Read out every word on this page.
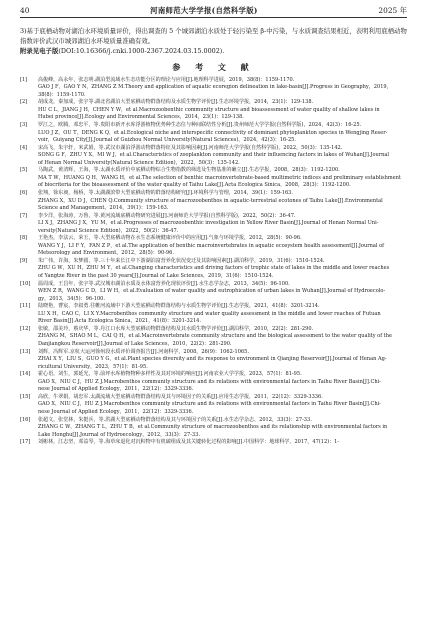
40	河南师范大学学报(自然科学版)	2025 年

3)基于底栖动物对湖泊水环境质量评价，得出调查的 5 个城郊湖泊水质处于轻污染至 β-中污染，与水质调查结果相近，表明利用底栖动物指数评价武汉市城郊湖泊水环境质量准确有效。

附录见电子版(DOI:10.16366/j.cnki.1000-2367.2024.03.15.0002).
参 考 文 献
[1]	高俊峰，高永年，张志明.湖泊型流域水生态功能分区的理论与应用[J].地理科学进展，2019，38(8)：1159-1170.
GAO J F，GAO Y N，ZHANG Z M.Theory and application of aquatic ecoregion delineation in lake-basin[J].Progress in Geography，2019，
38(8)：1159-1170.
[2]	胡成龙，秦加成，张宇等.湖北省湖泊大型底栖动物群落结构及水质生物学评价[J].生态环境学报，2014，23(1)：129-138.
HU C L，JIANG J H，CHEN Y W，et al.Macrozoobenthic community structure and bioassessment of water quality of shallow lakes in
Hubei province[J].Ecology and Environmental Sciences，2014，23(1)：129-138.
[3]	罗江之，欧腾，邓忠平，等.贵阳市新开水库浮游植物优势种生态位与种间联结性分析[J].贵州师范大学学报(自然科学版)，2024，42(3)：16-25.
LUO J Z，OU T，DENG K Q，et al.Ecological niche and interspecific connectivity of dominant phytoplankton species in Wengjing Reser-
voir，Guiyang City[J].Journal of Guizhou Normal University(Natural Sciences)，2024，42(3)：16-25.
[4]	宋高飞，朱宇轩，米武娟，等.武汉市湖泊浮游动物群落特征及其影响因素[J].河南师范大学学报(自然科学版)，2022，50(3)：135-142.
SONG G F，ZHU Y X，MI W J，et al.Characteristics of zooplankton community and their influencing factors in lakes of Wuhan[J].Journal
of Henan Normal University(Natural Science Edition)，2022，50(3)：135-142.
[5]	马陶武，黄清辉，王海，等.太湖水质评价中底栖动物综合生物指数的筛选及生物基准的确立[J].生态学报，2008，28(3)：1192-1200.
MA T W，HUANG Q H，WANG H，et al.The selection of benthic macroinvertebrate-based multimetric indices and preliminary establishment
of biocriteria for the bioassessment of the water quality of Taihu Lake[J].Acta Ecologica Sinica，2008，28(3)：1192-1200.
[6]	张翔，徐东昶，杨桥，等.太湖湖滨带大型底栖动物的群落结构研究[J].环境科学与管理，2014，39(1)：159-163.
ZHANG X，XU D J，CHEN Q.Community structure of macrozoobenthos in aquatic-terrestrial ecotones of Taihu Lake[J].Environmental
Science and Management，2014，39(1)：159-163.
[7]	李少洋，张海涛，万鲁，等.黄河流域底栖动物研究进展[J].河南师范大学学报(自然科学版)，2022，50(2)：36-47.
LI X J，ZHANG J X，YU M，et al.Progresses of macrozoobenthic investigation in Yellow River Basin[J].Journal of Henan Normal Uni-
versity(Natural Science Edition)，2022，50(2)：36-47.
[8]	王艳杰，李法云，荣玉，等.大型底栖动物在水生态系统健康评价中的应用[J].气象与环境学报，2012，28(5)：90-96.
WANG Y J，LI F Y，FAN Z P，et al.The application of benthic macroinvertebrates in aquatic ecosystem health assessment[J].Journal of
Meteorology and Environment，2012，28(5)：90-96.
[9]	朱广伟，许海，朱梦圆，等.三十年来长江中下游湖泊富营养化状况变迁及其影响因素[J].湖泊科学，2019，31(6)：1510-1524.
ZHU G W，XU H，ZHU M Y，et al.Changing characteristics and driving factors of trophic state of lakes in the middle and lower reaches
of Yangtze River in the past 30 years[J].Journal of Lake Sciences，2019，31(6)：1510-1524.
[10]	温周成，王昌年，张宇等.武汉城市湖泊水质及水体富营养化现状评价[J].水生态学杂志，2013，34(5)：96-100.
WEN Z R，WANG C D，LI W H，et al.Evaluation of water quality and eutrophication of urban lakes in Wuhan[J].Journal of Hydroecolo-
gy，2013，34(5)：96-100.
[11]	陆晓艳，曹宸，李叙勇.往帷河流域中下游大型底栖动物群落结构与水质生物学评价[J].生态学报，2021，41(8)：3201-3214.
LU X H，CAO C，LI X Y.Macrobenthos community structure and water quality assessment in the middle and lower reaches of Futuan
River Basin[J].Acta Ecologica Sinica，2021，41(8)：3201-3214.
[12]	张敏，邵美玲，蔡庆华，等.丹江口水库大型底栖动物群落结构及其水质生物学评价[J].湖泊科学，2010，22(2)：281-290.
ZHANG M，SHAO M L，CAI Q H，et al.Macroinvertebrate community structure and the biological assessment to the water quality of the
Danjiangkou Reservoir[J].Journal of Lake Sciences，2010，22(2)：281-290.
[13]	刘辉，冯辉军.京杭大运河徐州段水质评价调查报告[J].河南科学，2008，26(9)：1062-1065.
ZHAI X Y，LIU S，GUO Y G，et al.Plant species diversity and its response to environment in Qianjing Reservoir[J].Journal of Henan Ag-
ricultural University，2023，57(1)：81-95.
[14]	霍心语，刘生，郭延光，等.前坪水库植物物种多样性及其对环境的响应[J].河南农业大学学报，2023，57(1)：81-95.
GAO X，NIU C J，HU Z J.Macrobenthos community structure and its relations with environmental factors in Taihu River Basin[J].Chi-
nese Journal of Applied Ecology，2011，22(12)：3329-3336.
[15]	高欣，牛翠娟，胡忠军.太湖流域大型底栖动物群落结构及其与环境因子的关系[J].应用生态学报，2011，22(12)：3329-3336.
GAO X，NIU C J，HU Z J.Macrobenthos community structure and its relations with environmental factors in Taihu River Basin[J].Chi-
nese Journal of Applied Ecology，2011，22(12)：3329-3336.
[16]	张超文，张堂林，朱挺兵，等.洪湖大型底栖动物群落结构及其与环境因子的关系[J].水生态学杂志，2012，33(3)：27-33.
ZHANG C W，ZHANG T L，ZHU T B，et al.Community structure of macrozoobenthos and its relationship with environmental factors in
Lake Honghu[J].Journal of Hydroecology，2012，33(3)：27-33.
[17]	刘彬林，江志坚，邓益琴，等.海草床退化对沉积物中有机碳组成及其关键转化过程的影响[J].中国科学：地球科学，2017，47(12)：1-
